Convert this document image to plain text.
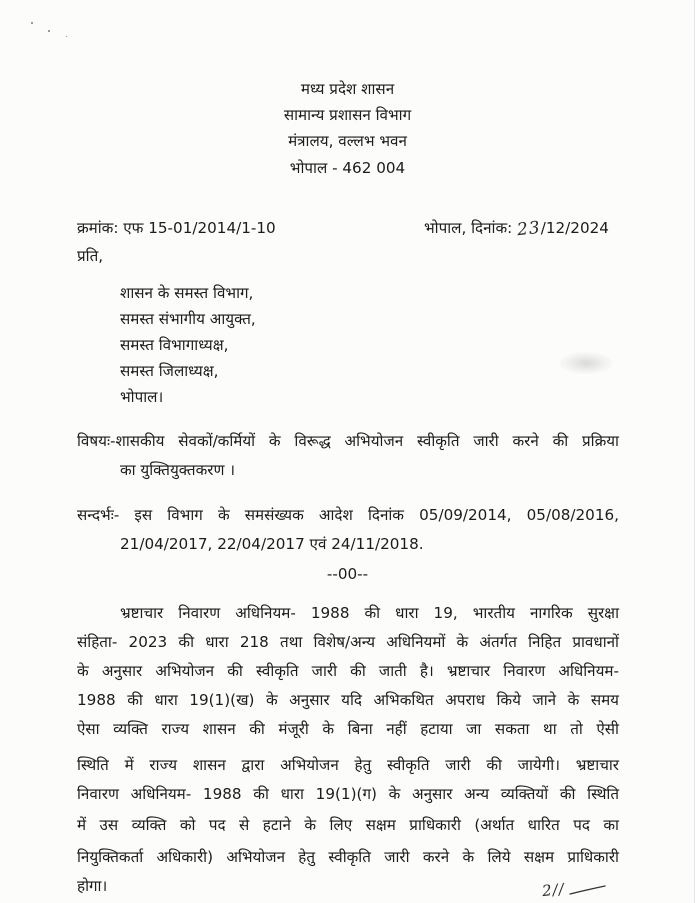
मध्य प्रदेश शासन
सामान्य प्रशासन विभाग
मंत्रालय, वल्लभ भवन
भोपाल - 462 004
क्रमांक: एफ 15-01/2014/1-10	भोपाल, दिनांक: 23/12/2024
प्रति,
शासन के समस्त विभाग,
समस्त संभागीय आयुक्त,
समस्त विभागाध्यक्ष,
समस्त जिलाध्यक्ष,
भोपाल।
विषयः-शासकीय सेवकों/कर्मियों के विरूद्ध अभियोजन स्वीकृति जारी करने की प्रक्रिया
का युक्तियुक्तकरण ।
सन्दर्भः- इस विभाग के समसंख्यक आदेश दिनांक 05/09/2014, 05/08/2016,
21/04/2017, 22/04/2017 एवं 24/11/2018.
--00--
भ्रष्टाचार निवारण अधिनियम- 1988 की धारा 19, भारतीय नागरिक सुरक्षा
संहिता- 2023 की धारा 218 तथा विशेष/अन्य अधिनियमों के अंतर्गत निहित प्रावधानों
के अनुसार अभियोजन की स्वीकृति जारी की जाती है। भ्रष्टाचार निवारण अधिनियम-
1988 की धारा 19(1)(ख) के अनुसार यदि अभिकथित अपराध किये जाने के समय
ऐसा व्यक्ति राज्य शासन की मंजूरी के बिना नहीं हटाया जा सकता था तो ऐसी
स्थिति में राज्य शासन द्वारा अभियोजन हेतु स्वीकृति जारी की जायेगी। भ्रष्टाचार
निवारण अधिनियम- 1988 की धारा 19(1)(ग) के अनुसार अन्य व्यक्तियों की स्थिति
में उस व्यक्ति को पद से हटाने के लिए सक्षम प्राधिकारी (अर्थात धारित पद का
नियुक्तिकर्ता अधिकारी) अभियोजन हेतु स्वीकृति जारी करने के लिये सक्षम प्राधिकारी
होगा।	2//
